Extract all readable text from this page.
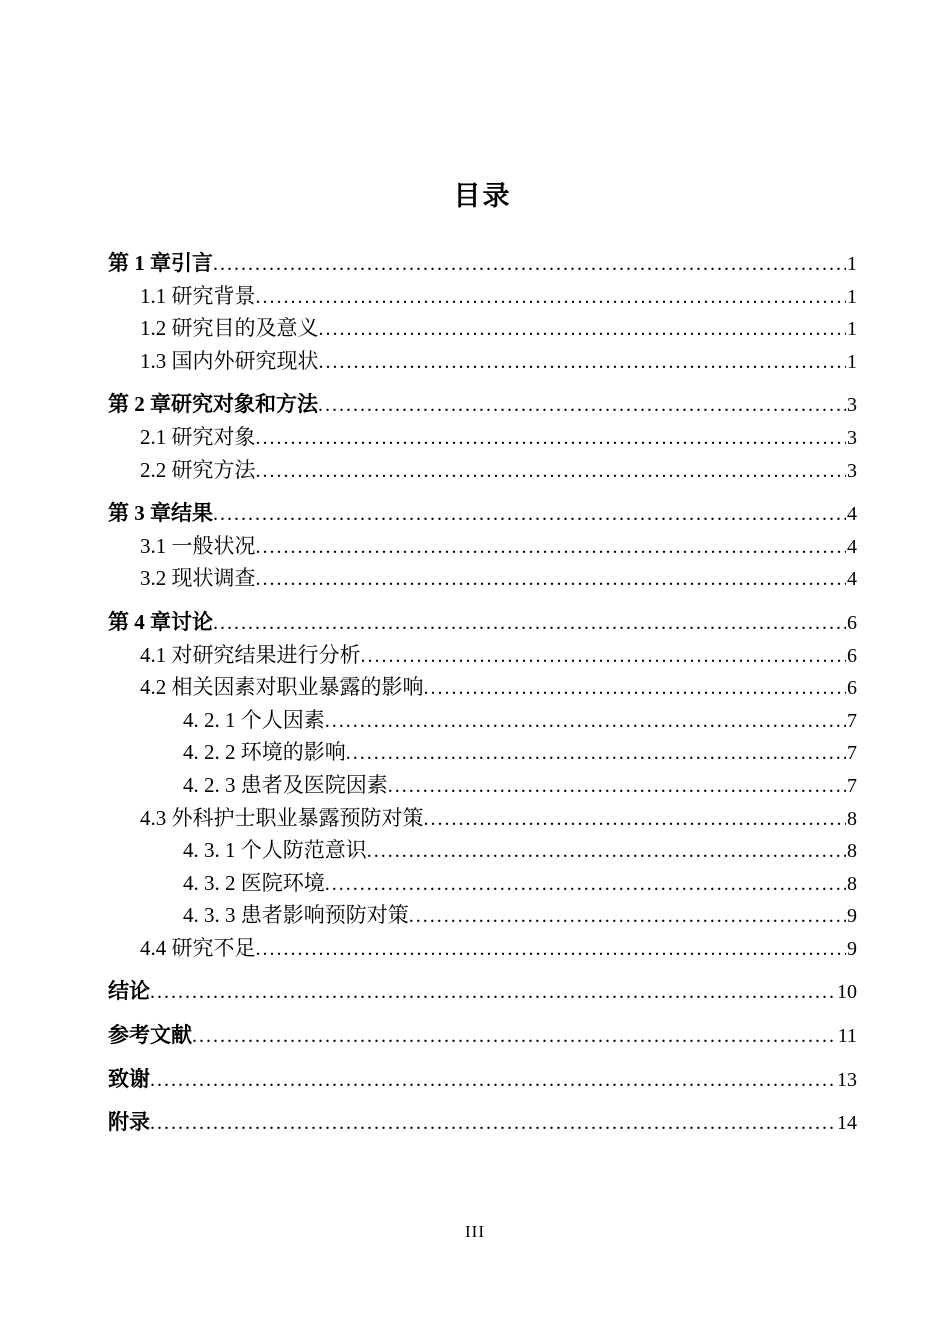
目录
第 1 章引言 .....	1
1.1 研究背景 .....	1
1.2 研究目的及意义 .....	1
1.3 国内外研究现状 .....	1
第 2 章研究对象和方法 .....	3
2.1 研究对象 .....	3
2.2 研究方法 .....	3
第 3 章结果 .....	4
3.1 一般状况 .....	4
3.2 现状调查 .....	4
第 4 章讨论 .....	6
4.1 对研究结果进行分析 .....	6
4.2 相关因素对职业暴露的影响 .....	6
4. 2. 1 个人因素 .....	7
4. 2. 2 环境的影响 .....	7
4. 2. 3 患者及医院因素 .....	7
4.3 外科护士职业暴露预防对策 .....	8
4. 3. 1 个人防范意识 .....	8
4. 3. 2 医院环境 .....	8
4. 3. 3 患者影响预防对策 .....	9
4.4 研究不足 .....	9
结论 .....	10
参考文献 .....	11
致谢 .....	13
附录 .....	14
III
